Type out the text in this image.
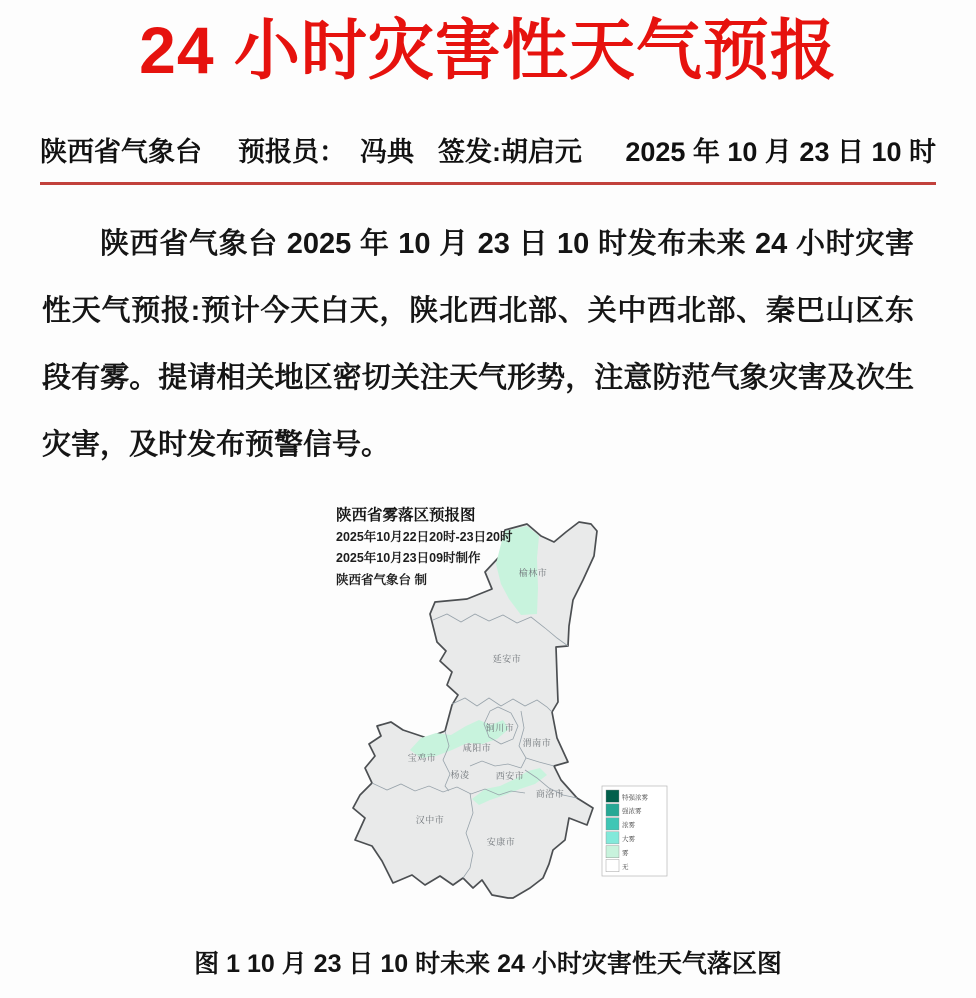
24 小时灾害性天气预报
陕西省气象台 预报员： 冯典 签发:胡启元 2025 年 10 月 23 日 10 时

陕西省气象台 2025 年 10 月 23 日 10 时发布未来 24 小时灾害性天气预报:预计今天白天，陕北西北部、关中西北部、秦巴山区东段有雾。提请相关地区密切关注天气形势，注意防范气象灾害及次生灾害，及时发布预警信号。

陕西省雾落区预报图
2025年10月22日20时-23日20时
2025年10月23日09时制作
陕西省气象台 制	榆林市
延安市
铜川市
渭南市
咸阳市
宝鸡市
杨凌	西安市
商洛市
汉中市
安康市
特强浓雾
强浓雾
浓雾
大雾
雾
无
图 1 10 月 23 日 10 时未来 24 小时灾害性天气落区图
